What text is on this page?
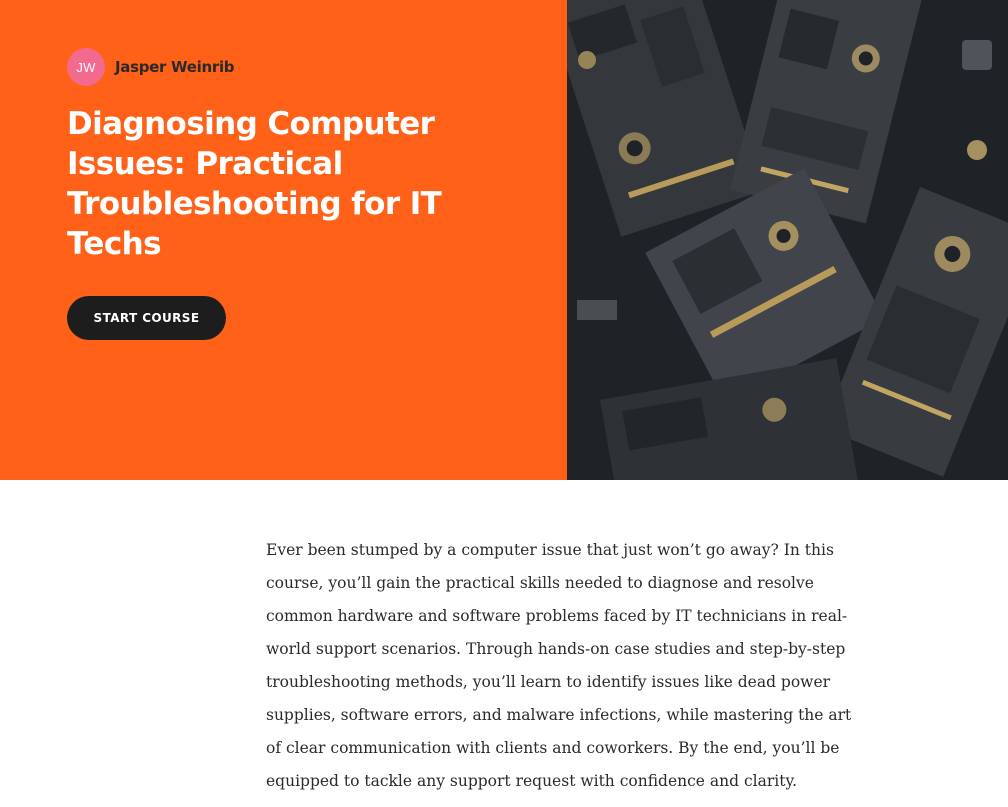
JW	Jasper Weinrib
Diagnosing Computer Issues: Practical Troubleshooting for IT Techs
START COURSE

Ever been stumped by a computer issue that just won’t go away? In this course, you’ll gain the practical skills needed to diagnose and resolve common hardware and software problems faced by IT technicians in real-world support scenarios. Through hands-on case studies and step-by-step troubleshooting methods, you’ll learn to identify issues like dead power supplies, software errors, and malware infections, while mastering the art of clear communication with clients and coworkers. By the end, you’ll be equipped to tackle any support request with confidence and clarity.
